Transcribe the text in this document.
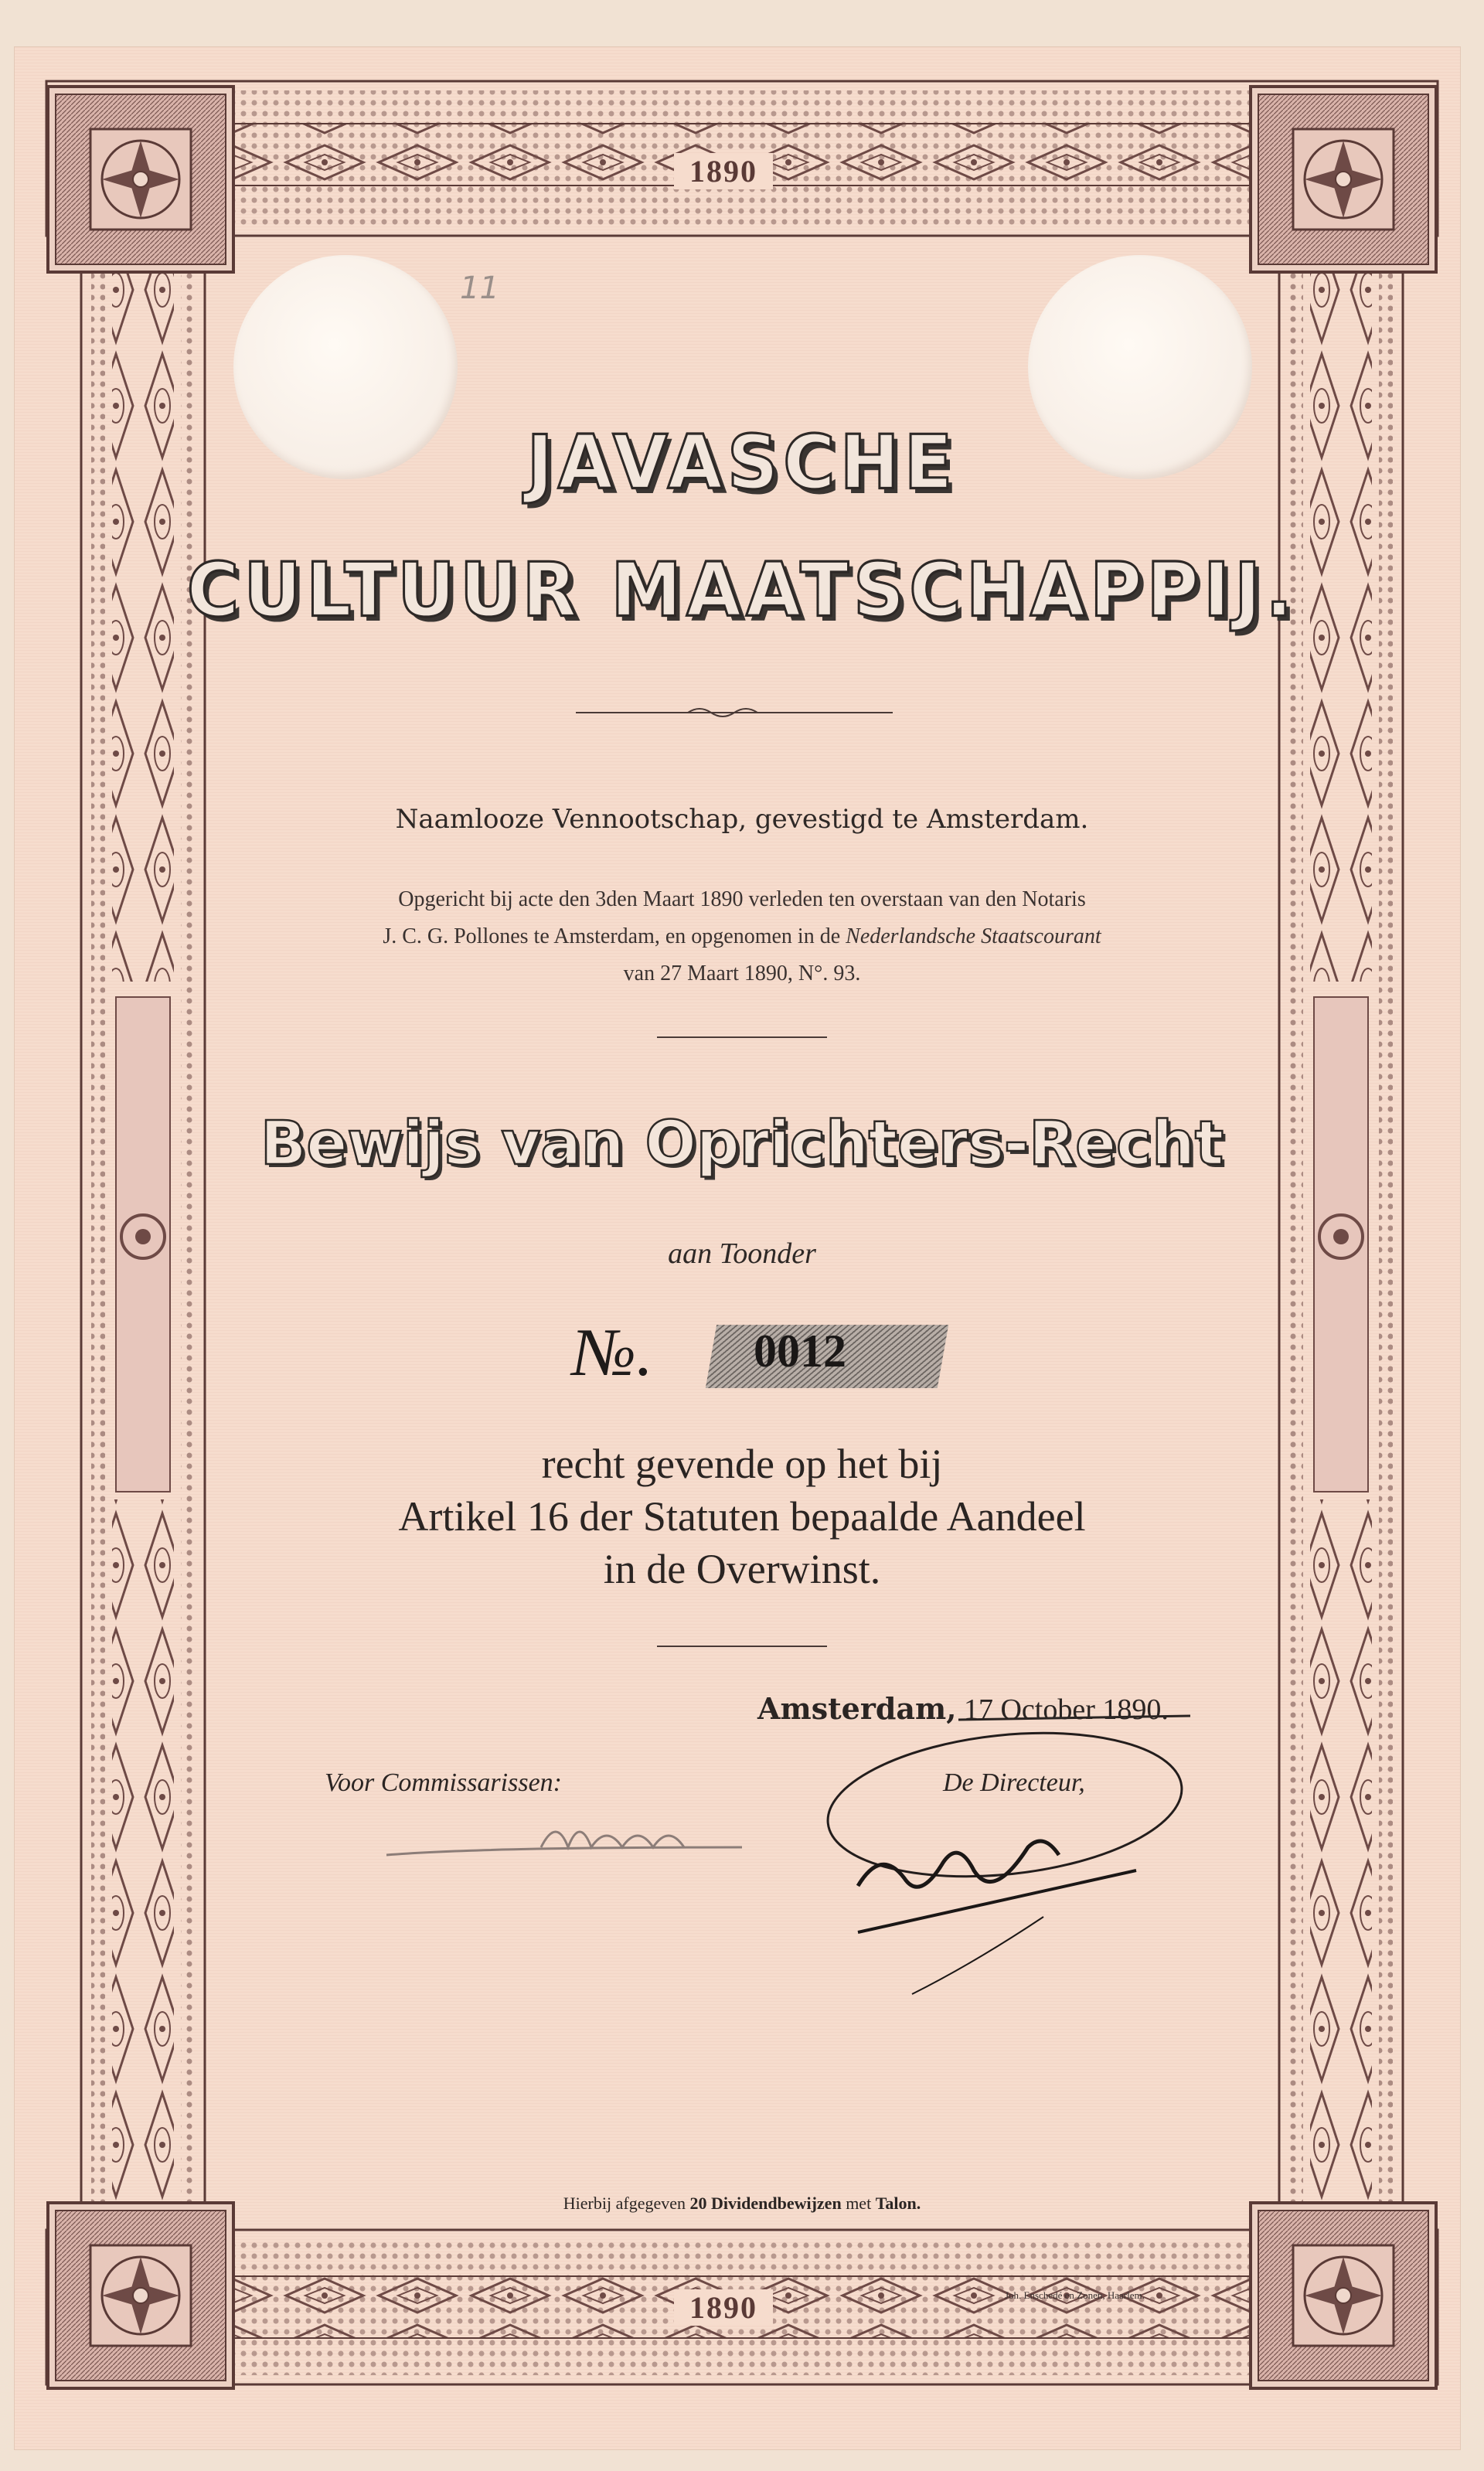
1890
1890
11
JAVASCHE
CULTUUR MAATSCHAPPIJ.
Naamlooze Vennootschap, gevestigd te Amsterdam.
Opgericht bij acte den 3den Maart 1890 verleden ten overstaan van den Notaris
J. C. G. Pollones te Amsterdam, en opgenomen in de Nederlandsche Staatscourant
van 27 Maart 1890, N°. 93.
Bewijs van Oprichters-Recht
aan Toonder
№. 0012
recht gevende op het bij
Artikel 16 der Statuten bepaalde Aandeel
in de Overwinst.
Amsterdam, 17 October 1890.
Voor Commissarissen:	De Directeur,
Hierbij afgegeven 20 Dividendbewijzen met Talon.
Joh. Enschedé en Zonen, Haarlem.
